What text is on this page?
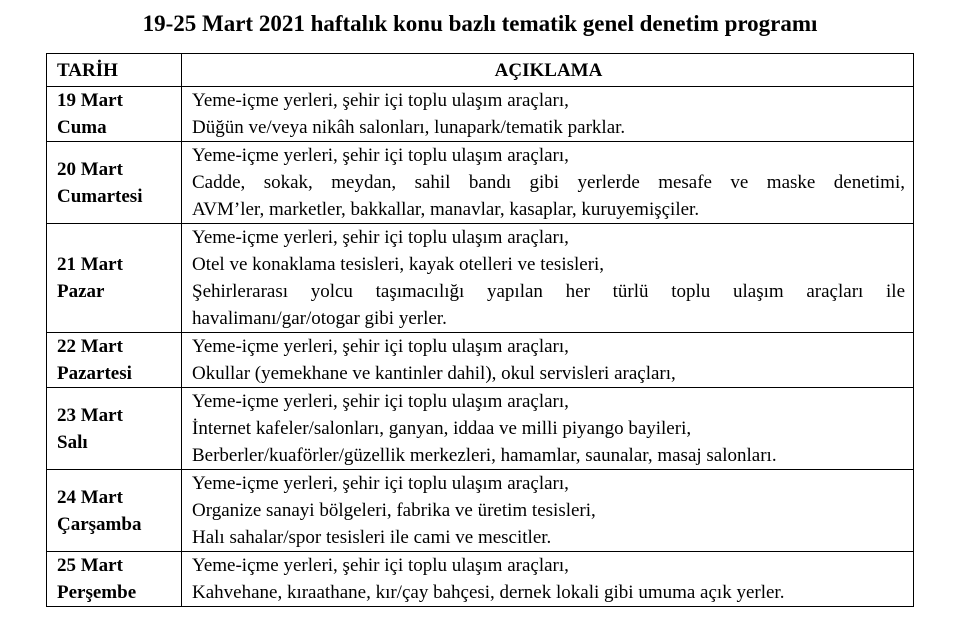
19-25 Mart 2021 haftalık konu bazlı tematik genel denetim programı
TARİH	AÇIKLAMA

19 Mart
Cuma	Yeme-içme yerleri, şehir içi toplu ulaşım araçları,
Düğün ve/veya nikâh salonları, lunapark/tematik parklar.

20 Mart
Cumartesi	Yeme-içme yerleri, şehir içi toplu ulaşım araçları,
Cadde, sokak, meydan, sahil bandı gibi yerlerde mesafe ve maske denetimi,
AVM’ler, marketler, bakkallar, manavlar, kasaplar, kuruyemişçiler.

21 Mart
Pazar	Yeme-içme yerleri, şehir içi toplu ulaşım araçları,
Otel ve konaklama tesisleri, kayak otelleri ve tesisleri,
Şehirlerarası yolcu taşımacılığı yapılan her türlü toplu ulaşım araçları ile
havalimanı/gar/otogar gibi yerler.

22 Mart
Pazartesi	Yeme-içme yerleri, şehir içi toplu ulaşım araçları,
Okullar (yemekhane ve kantinler dahil), okul servisleri araçları,

23 Mart
Salı	Yeme-içme yerleri, şehir içi toplu ulaşım araçları,
İnternet kafeler/salonları, ganyan, iddaa ve milli piyango bayileri,
Berberler/kuaförler/güzellik merkezleri, hamamlar, saunalar, masaj salonları.

24 Mart
Çarşamba	Yeme-içme yerleri, şehir içi toplu ulaşım araçları,
Organize sanayi bölgeleri, fabrika ve üretim tesisleri,
Halı sahalar/spor tesisleri ile cami ve mescitler.

25 Mart
Perşembe	Yeme-içme yerleri, şehir içi toplu ulaşım araçları,
Kahvehane, kıraathane, kır/çay bahçesi, dernek lokali gibi umuma açık yerler.
